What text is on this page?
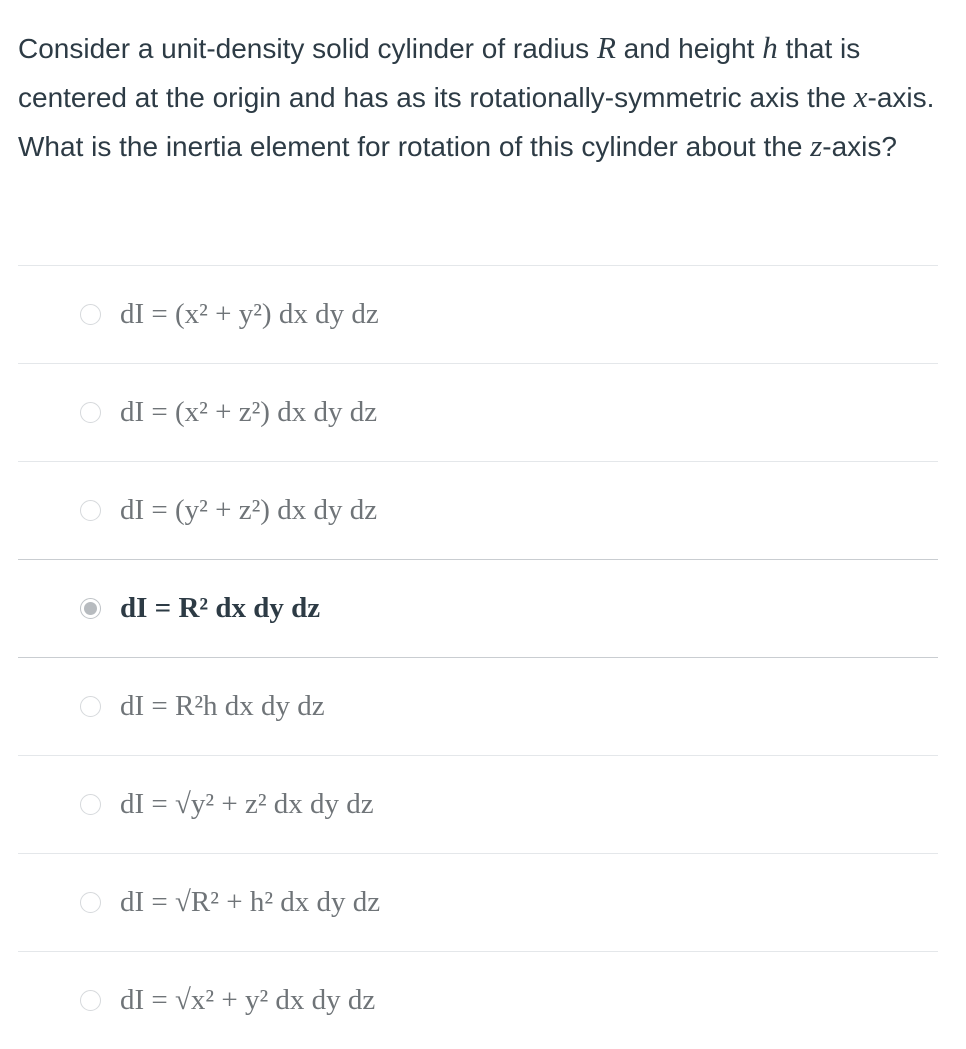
Consider a unit-density solid cylinder of radius R and height h that is centered at the origin and has as its rotationally-symmetric axis the x-axis. What is the inertia element for rotation of this cylinder about the z-axis?
dI = (x² + y²) dx dy dz
dI = (x² + z²) dx dy dz
dI = (y² + z²) dx dy dz
dI = R² dx dy dz
dI = R²h dx dy dz
dI = √y² + z² dx dy dz
dI = √R² + h² dx dy dz
dI = √x² + y² dx dy dz
